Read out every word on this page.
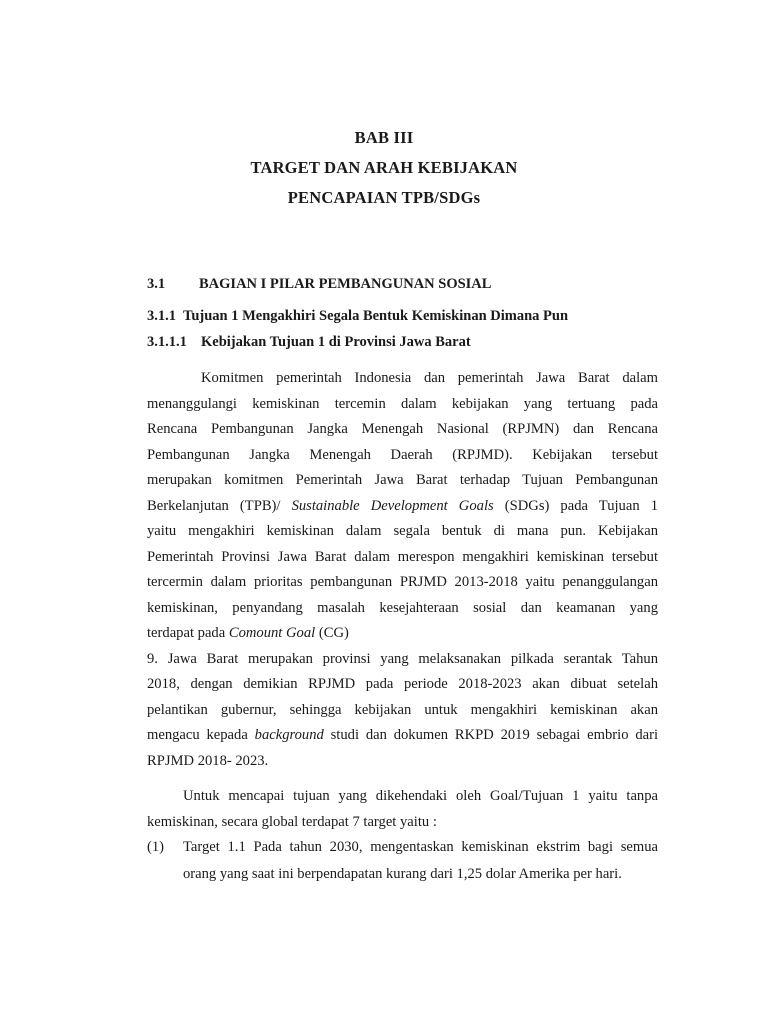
BAB III
TARGET DAN ARAH KEBIJAKAN
PENCAPAIAN TPB/SDGs
3.1 BAGIAN I PILAR PEMBANGUNAN SOSIAL
3.1.1 Tujuan 1 Mengakhiri Segala Bentuk Kemiskinan Dimana Pun
3.1.1.1 Kebijakan Tujuan 1 di Provinsi Jawa Barat
Komitmen pemerintah Indonesia dan pemerintah Jawa Barat dalam
menanggulangi kemiskinan tercemin dalam kebijakan yang tertuang pada
Rencana Pembangunan Jangka Menengah Nasional (RPJMN) dan Rencana
Pembangunan Jangka Menengah Daerah (RPJMD). Kebijakan tersebut
merupakan komitmen Pemerintah Jawa Barat terhadap Tujuan Pembangunan
Berkelanjutan (TPB)/ Sustainable Development Goals (SDGs) pada Tujuan 1
yaitu mengakhiri kemiskinan dalam segala bentuk di mana pun. Kebijakan
Pemerintah Provinsi Jawa Barat dalam merespon mengakhiri kemiskinan tersebut
tercermin dalam prioritas pembangunan PRJMD 2013-2018 yaitu penanggulangan
kemiskinan, penyandang masalah kesejahteraan sosial dan keamanan yang
terdapat pada Comount Goal (CG)
9. Jawa Barat merupakan provinsi yang melaksanakan pilkada serantak Tahun
2018, dengan demikian RPJMD pada periode 2018-2023 akan dibuat setelah
pelantikan gubernur, sehingga kebijakan untuk mengakhiri kemiskinan akan
mengacu kepada background studi dan dokumen RKPD 2019 sebagai embrio dari
RPJMD 2018- 2023.
Untuk mencapai tujuan yang dikehendaki oleh Goal/Tujuan 1 yaitu tanpa
kemiskinan, secara global terdapat 7 target yaitu :
(1) Target 1.1 Pada tahun 2030, mengentaskan kemiskinan ekstrim bagi semua
orang yang saat ini berpendapatan kurang dari 1,25 dolar Amerika per hari.
